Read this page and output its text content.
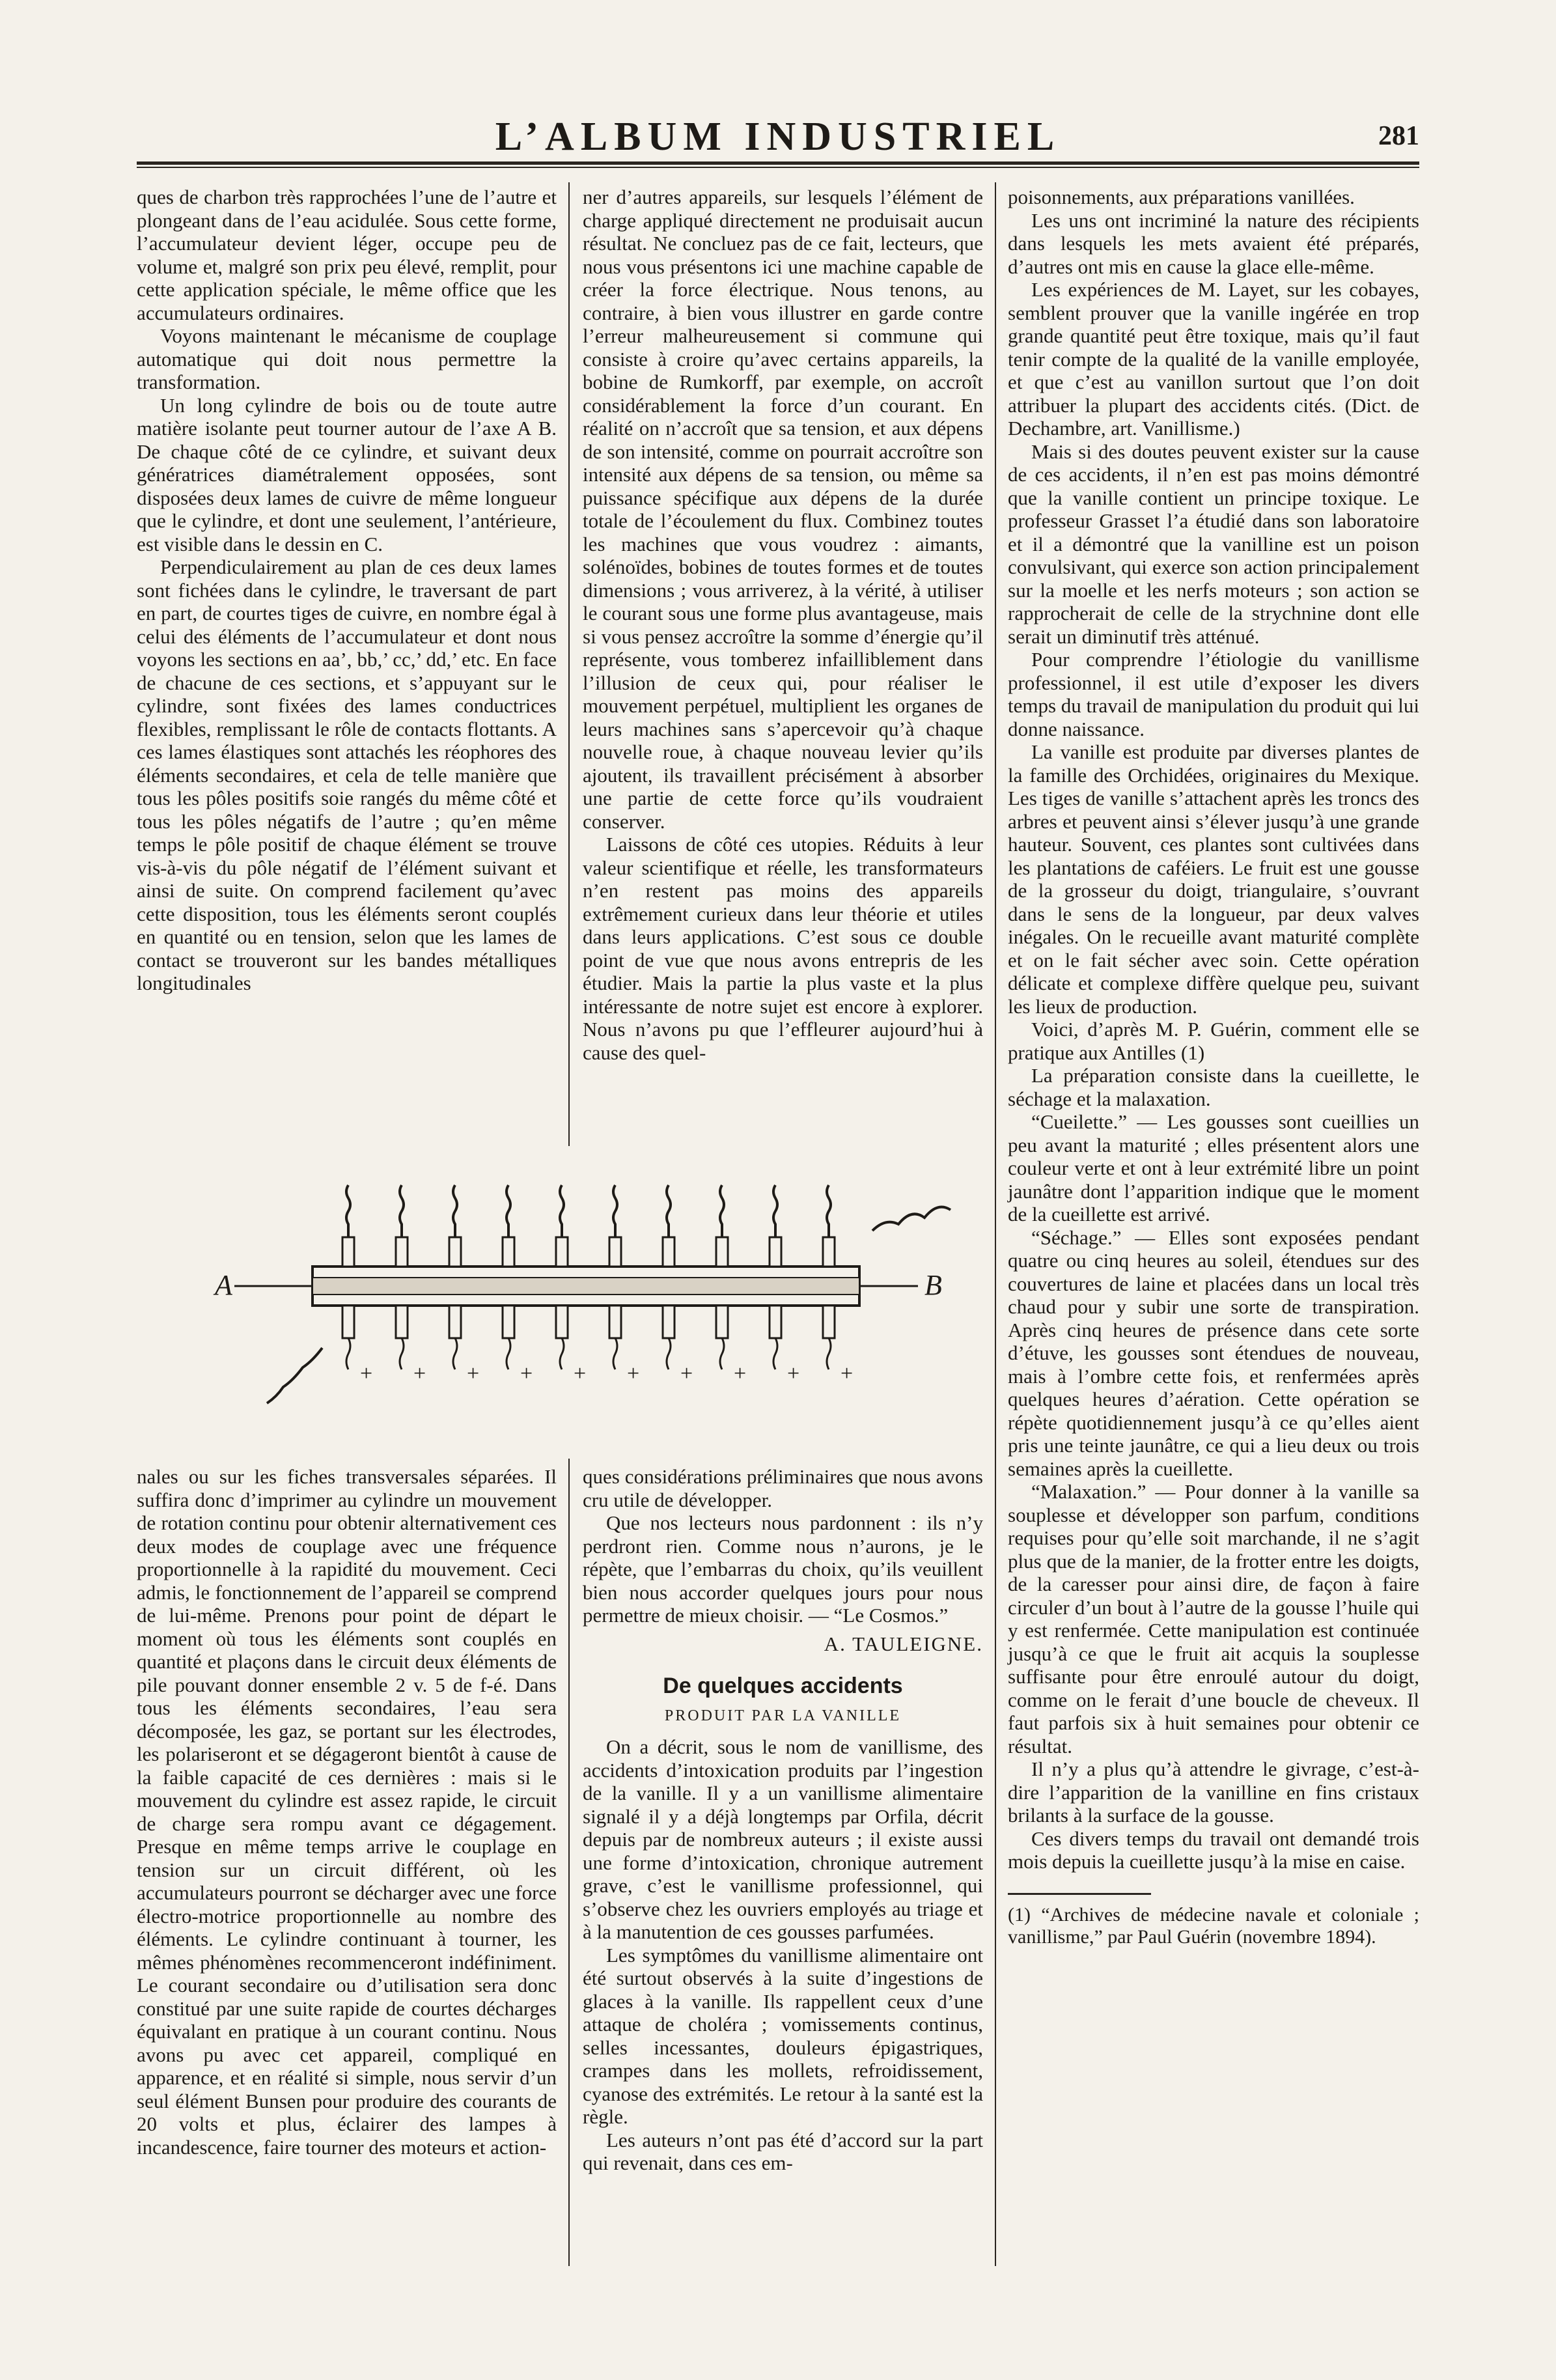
L’ALBUM INDUSTRIEL	281

ques de charbon très rapprochées l’une de l’autre et plongeant dans de l’eau acidulée. Sous cette forme, l’accumulateur devient léger, occupe peu de volume et, malgré son prix peu élevé, remplit, pour cette application spéciale, le même office que les accumulateurs ordinaires.

Voyons maintenant le mécanisme de couplage automatique qui doit nous permettre la transformation.

Un long cylindre de bois ou de toute autre matière isolante peut tourner autour de l’axe A B. De chaque côté de ce cylindre, et suivant deux génératrices diamétralement opposées, sont disposées deux lames de cuivre de même longueur que le cylindre, et dont une seulement, l’antérieure, est visible dans le dessin en C.

Perpendiculairement au plan de ces deux lames sont fichées dans le cylindre, le traversant de part en part, de courtes tiges de cuivre, en nombre égal à celui des éléments de l’accumulateur et dont nous voyons les sections en aa’, bb,’ cc,’ dd,’ etc. En face de chacune de ces sections, et s’appuyant sur le cylindre, sont fixées des lames conductrices flexibles, remplissant le rôle de contacts flottants. A ces lames élastiques sont attachés les réophores des éléments secondaires, et cela de telle manière que tous les pôles positifs soie rangés du même côté et tous les pôles négatifs de l’autre ; qu’en même temps le pôle positif de chaque élément se trouve vis-à-vis du pôle négatif de l’élément suivant et ainsi de suite. On comprend facilement qu’avec cette disposition, tous les éléments seront couplés en quantité ou en tension, selon que les lames de contact se trouveront sur les bandes métalliques longitudinales

ner d’autres appareils, sur lesquels l’élément de charge appliqué directement ne produisait aucun résultat. Ne concluez pas de ce fait, lecteurs, que nous vous présentons ici une machine capable de créer la force électrique. Nous tenons, au contraire, à bien vous illustrer en garde contre l’erreur malheureusement si commune qui consiste à croire qu’avec certains appareils, la bobine de Rumkorff, par exemple, on accroît considérablement la force d’un courant. En réalité on n’accroît que sa tension, et aux dépens de son intensité, comme on pourrait accroître son intensité aux dépens de sa tension, ou même sa puissance spécifique aux dépens de la durée totale de l’écoulement du flux. Combinez toutes les machines que vous voudrez : aimants, solénoïdes, bobines de toutes formes et de toutes dimensions ; vous arriverez, à la vérité, à utiliser le courant sous une forme plus avantageuse, mais si vous pensez accroître la somme d’énergie qu’il représente, vous tomberez infailliblement dans l’illusion de ceux qui, pour réaliser le mouvement perpétuel, multiplient les organes de leurs machines sans s’apercevoir qu’à chaque nouvelle roue, à chaque nouveau levier qu’ils ajoutent, ils travaillent précisément à absorber une partie de cette force qu’ils voudraient conserver.

Laissons de côté ces utopies. Réduits à leur valeur scientifique et réelle, les transformateurs n’en restent pas moins des appareils extrêmement curieux dans leur théorie et utiles dans leurs applications. C’est sous ce double point de vue que nous avons entrepris de les étudier. Mais la partie la plus vaste et la plus intéressante de notre sujet est encore à explorer. Nous n’avons pu que l’effleurer aujourd’hui à cause des quel-

A	B
+ + + + + + + + + +

nales ou sur les fiches transversales séparées. Il suffira donc d’imprimer au cylindre un mouvement de rotation continu pour obtenir alternativement ces deux modes de couplage avec une fréquence proportionnelle à la rapidité du mouvement. Ceci admis, le fonctionnement de l’appareil se comprend de lui-même. Prenons pour point de départ le moment où tous les éléments sont couplés en quantité et plaçons dans le circuit deux éléments de pile pouvant donner ensemble 2 v. 5 de f-é. Dans tous les éléments secondaires, l’eau sera décomposée, les gaz, se portant sur les électrodes, les polariseront et se dégageront bientôt à cause de la faible capacité de ces dernières : mais si le mouvement du cylindre est assez rapide, le circuit de charge sera rompu avant ce dégagement. Presque en même temps arrive le couplage en tension sur un circuit différent, où les accumulateurs pourront se décharger avec une force électro-motrice proportionnelle au nombre des éléments. Le cylindre continuant à tourner, les mêmes phénomènes recommenceront indéfiniment. Le courant secondaire ou d’utilisation sera donc constitué par une suite rapide de courtes décharges équivalant en pratique à un courant continu. Nous avons pu avec cet appareil, compliqué en apparence, et en réalité si simple, nous servir d’un seul élément Bunsen pour produire des courants de 20 volts et plus, éclairer des lampes à incandescence, faire tourner des moteurs et action-

ques considérations préliminaires que nous avons cru utile de développer.

Que nos lecteurs nous pardonnent : ils n’y perdront rien. Comme nous n’aurons, je le répète, que l’embarras du choix, qu’ils veuillent bien nous accorder quelques jours pour nous permettre de mieux choisir. — “Le Cosmos.”

A. TAULEIGNE.
De quelques accidents
PRODUIT PAR LA VANILLE

On a décrit, sous le nom de vanillisme, des accidents d’intoxication produits par l’ingestion de la vanille. Il y a un vanillisme alimentaire signalé il y a déjà longtemps par Orfila, décrit depuis par de nombreux auteurs ; il existe aussi une forme d’intoxication, chronique autrement grave, c’est le vanillisme professionnel, qui s’observe chez les ouvriers employés au triage et à la manutention de ces gousses parfumées.

Les symptômes du vanillisme alimentaire ont été surtout observés à la suite d’ingestions de glaces à la vanille. Ils rappellent ceux d’une attaque de choléra ; vomissements continus, selles incessantes, douleurs épigastriques, crampes dans les mollets, refroidissement, cyanose des extrémités. Le retour à la santé est la règle.

Les auteurs n’ont pas été d’accord sur la part qui revenait, dans ces em-

poisonnements, aux préparations vanillées.

Les uns ont incriminé la nature des récipients dans lesquels les mets avaient été préparés, d’autres ont mis en cause la glace elle-même.

Les expériences de M. Layet, sur les cobayes, semblent prouver que la vanille ingérée en trop grande quantité peut être toxique, mais qu’il faut tenir compte de la qualité de la vanille employée, et que c’est au vanillon surtout que l’on doit attribuer la plupart des accidents cités. (Dict. de Dechambre, art. Vanillisme.)

Mais si des doutes peuvent exister sur la cause de ces accidents, il n’en est pas moins démontré que la vanille contient un principe toxique. Le professeur Grasset l’a étudié dans son laboratoire et il a démontré que la vanilline est un poison convulsivant, qui exerce son action principalement sur la moelle et les nerfs moteurs ; son action se rapprocherait de celle de la strychnine dont elle serait un diminutif très atténué.

Pour comprendre l’étiologie du vanillisme professionnel, il est utile d’exposer les divers temps du travail de manipulation du produit qui lui donne naissance.

La vanille est produite par diverses plantes de la famille des Orchidées, originaires du Mexique. Les tiges de vanille s’attachent après les troncs des arbres et peuvent ainsi s’élever jusqu’à une grande hauteur. Souvent, ces plantes sont cultivées dans les plantations de caféiers. Le fruit est une gousse de la grosseur du doigt, triangulaire, s’ouvrant dans le sens de la longueur, par deux valves inégales. On le recueille avant maturité complète et on le fait sécher avec soin. Cette opération délicate et complexe diffère quelque peu, suivant les lieux de production.

Voici, d’après M. P. Guérin, comment elle se pratique aux Antilles (1)

La préparation consiste dans la cueillette, le séchage et la malaxation.

“Cueilette.” — Les gousses sont cueillies un peu avant la maturité ; elles présentent alors une couleur verte et ont à leur extrémité libre un point jaunâtre dont l’apparition indique que le moment de la cueillette est arrivé.

“Séchage.” — Elles sont exposées pendant quatre ou cinq heures au soleil, étendues sur des couvertures de laine et placées dans un local très chaud pour y subir une sorte de transpiration. Après cinq heures de présence dans cete sorte d’étuve, les gousses sont étendues de nouveau, mais à l’ombre cette fois, et renfermées après quelques heures d’aération. Cette opération se répète quotidiennement jusqu’à ce qu’elles aient pris une teinte jaunâtre, ce qui a lieu deux ou trois semaines après la cueillette.

“Malaxation.” — Pour donner à la vanille sa souplesse et développer son parfum, conditions requises pour qu’elle soit marchande, il ne s’agit plus que de la manier, de la frotter entre les doigts, de la caresser pour ainsi dire, de façon à faire circuler d’un bout à l’autre de la gousse l’huile qui y est renfermée. Cette manipulation est continuée jusqu’à ce que le fruit ait acquis la souplesse suffisante pour être enroulé autour du doigt, comme on le ferait d’une boucle de cheveux. Il faut parfois six à huit semaines pour obtenir ce résultat.

Il n’y a plus qu’à attendre le givrage, c’est-à-dire l’apparition de la vanilline en fins cristaux brilants à la surface de la gousse.

Ces divers temps du travail ont demandé trois mois depuis la cueillette jusqu’à la mise en caise.

(1) “Archives de médecine navale et coloniale ; vanillisme,” par Paul Guérin (novembre 1894).
